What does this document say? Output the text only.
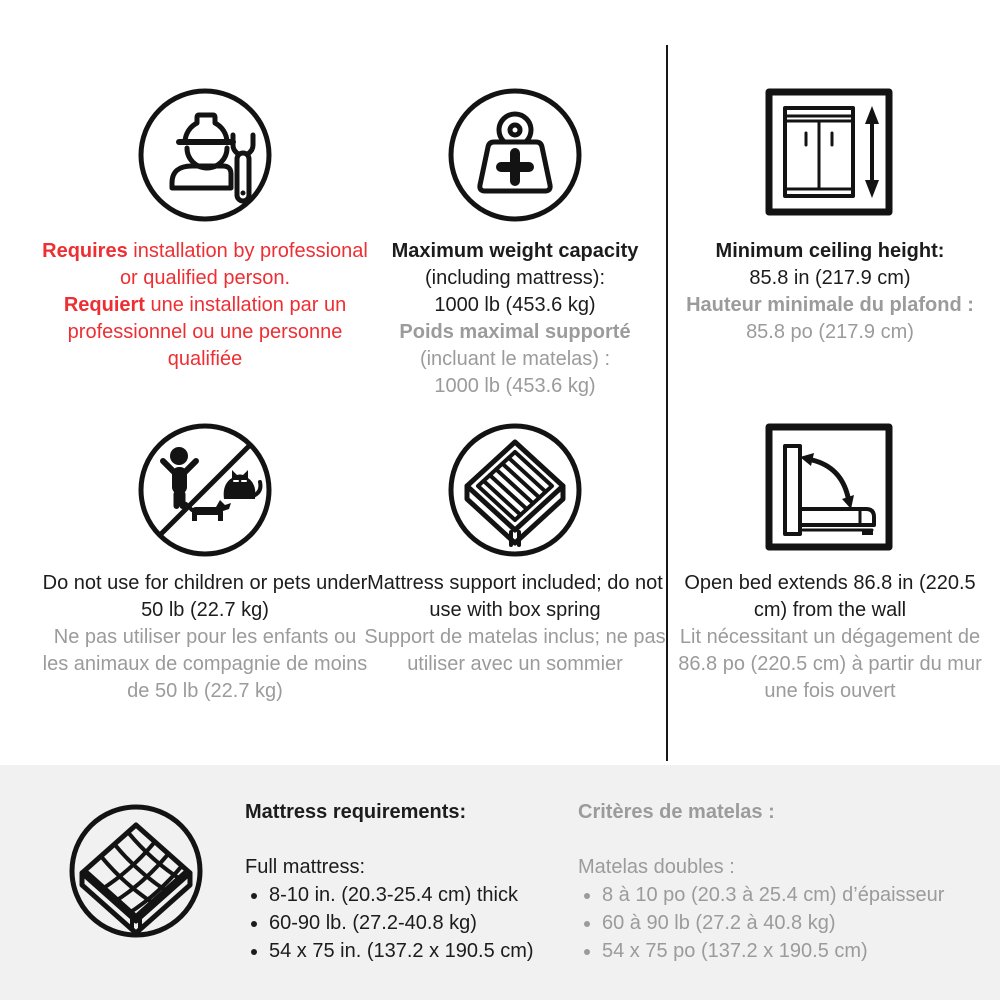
Requires installation by professional or qualified person.
Requiert une installation par un professionnel ou une personne qualifiée
Maximum weight capacity
(including mattress):
1000 lb (453.6 kg)
Poids maximal supporté
(incluant le matelas) :
1000 lb (453.6 kg)
Minimum ceiling height:
85.8 in (217.9 cm)
Hauteur minimale du plafond :
85.8 po (217.9 cm)
Do not use for children or pets under 50 lb (22.7 kg)
Ne pas utiliser pour les enfants ou les animaux de compagnie de moins de 50 lb (22.7 kg)
Mattress support included; do not use with box spring
Support de matelas inclus; ne pas utiliser avec un sommier
Open bed extends 86.8 in (220.5 cm) from the wall
Lit nécessitant un dégagement de 86.8 po (220.5 cm) à partir du mur une fois ouvert

Mattress requirements:

Full mattress:

• 8-10 in. (20.3-25.4 cm) thick
• 60-90 lb. (27.2-40.8 kg)
• 54 x 75 in. (137.2 x 190.5 cm)

Critères de matelas :

Matelas doubles :

• 8 à 10 po (20.3 à 25.4 cm) d’épaisseur
• 60 à 90 lb (27.2 à 40.8 kg)
• 54 x 75 po (137.2 x 190.5 cm)
